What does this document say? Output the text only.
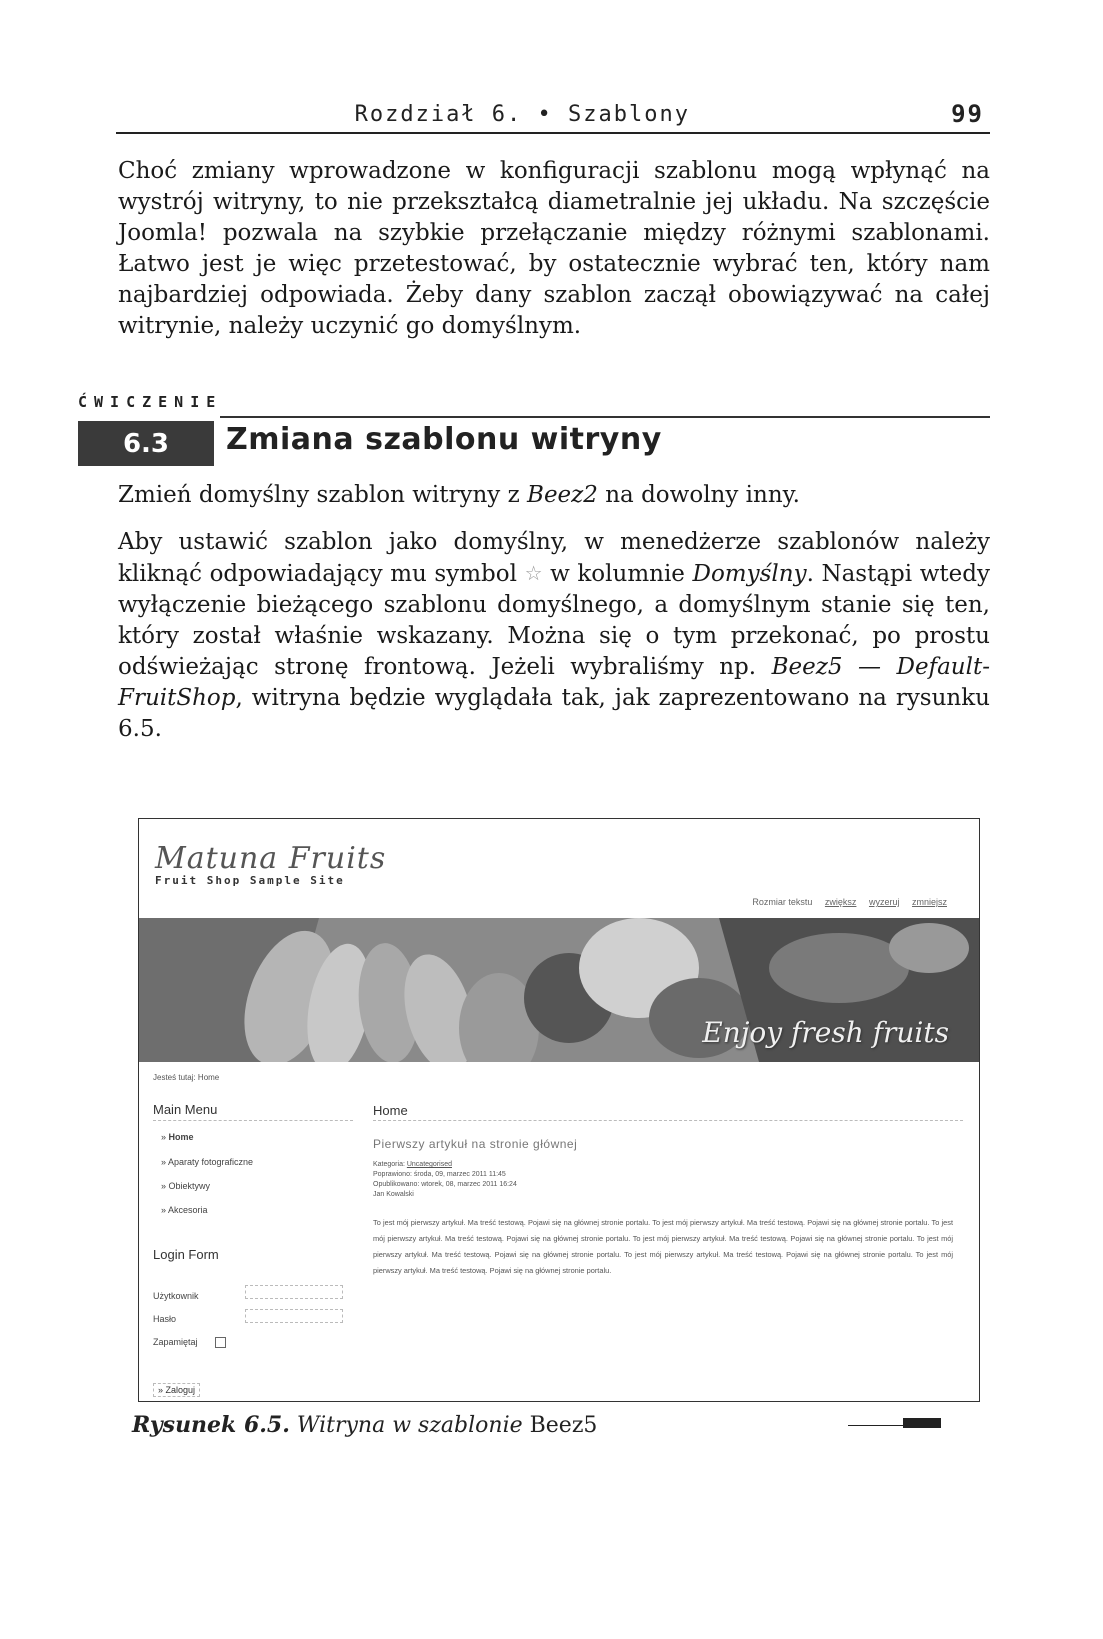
Rozdział 6. • Szablony	99

Choć zmiany wprowadzone w konfiguracji szablonu mogą wpłynąć na wystrój witryny, to nie przekształcą diametralnie jej układu. Na szczęście Joomla! pozwala na szybkie przełączanie między różnymi szablonami. Łatwo jest je więc przetestować, by ostatecznie wybrać ten, który nam najbardziej odpowiada. Żeby dany szablon zaczął obowiązywać na całej witrynie, należy uczynić go domyślnym.

ĆWICZENIE
6.3	Zmiana szablonu witryny

Zmień domyślny szablon witryny z Beez2 na dowolny inny.

Aby ustawić szablon jako domyślny, w menedżerze szablonów należy kliknąć odpowiadający mu symbol ☆ w kolumnie Domyślny. Nastąpi wtedy wyłączenie bieżącego szablonu domyślnego, a domyślnym stanie się ten, który został właśnie wskazany. Można się o tym przekonać, po prostu odświeżając stronę frontową. Jeżeli wybraliśmy np. Beez5 — Default-FruitShop, witryna będzie wyglądała tak, jak zaprezentowano na rysunku 6.5.

Matuna Fruits
Fruit Shop Sample Site
Rozmiar tekstu zwiększ wyzeruj zmniejsz
Enjoy fresh fruits
Jesteś tutaj: Home
Main Menu
» Home
» Aparaty fotograficzne
» Obiektywy
» Akcesoria
Login Form
Użytkownik
Hasło
Zapamiętaj
» Zaloguj
Home
Pierwszy artykuł na stronie głównej
Kategoria: Uncategorised
Poprawiono: środa, 09, marzec 2011 11:45
Opublikowano: wtorek, 08, marzec 2011 16:24
Jan Kowalski

To jest mój pierwszy artykuł. Ma treść testową. Pojawi się na głównej stronie portalu. To jest mój pierwszy artykuł. Ma treść testową. Pojawi się na głównej stronie portalu. To jest mój pierwszy artykuł. Ma treść testową. Pojawi się na głównej stronie portalu. To jest mój pierwszy artykuł. Ma treść testową. Pojawi się na głównej stronie portalu. To jest mój pierwszy artykuł. Ma treść testową. Pojawi się na głównej stronie portalu. To jest mój pierwszy artykuł. Ma treść testową. Pojawi się na głównej stronie portalu. To jest mój pierwszy artykuł. Ma treść testową. Pojawi się na głównej stronie portalu.

Rysunek 6.5. Witryna w szablonie Beez5
